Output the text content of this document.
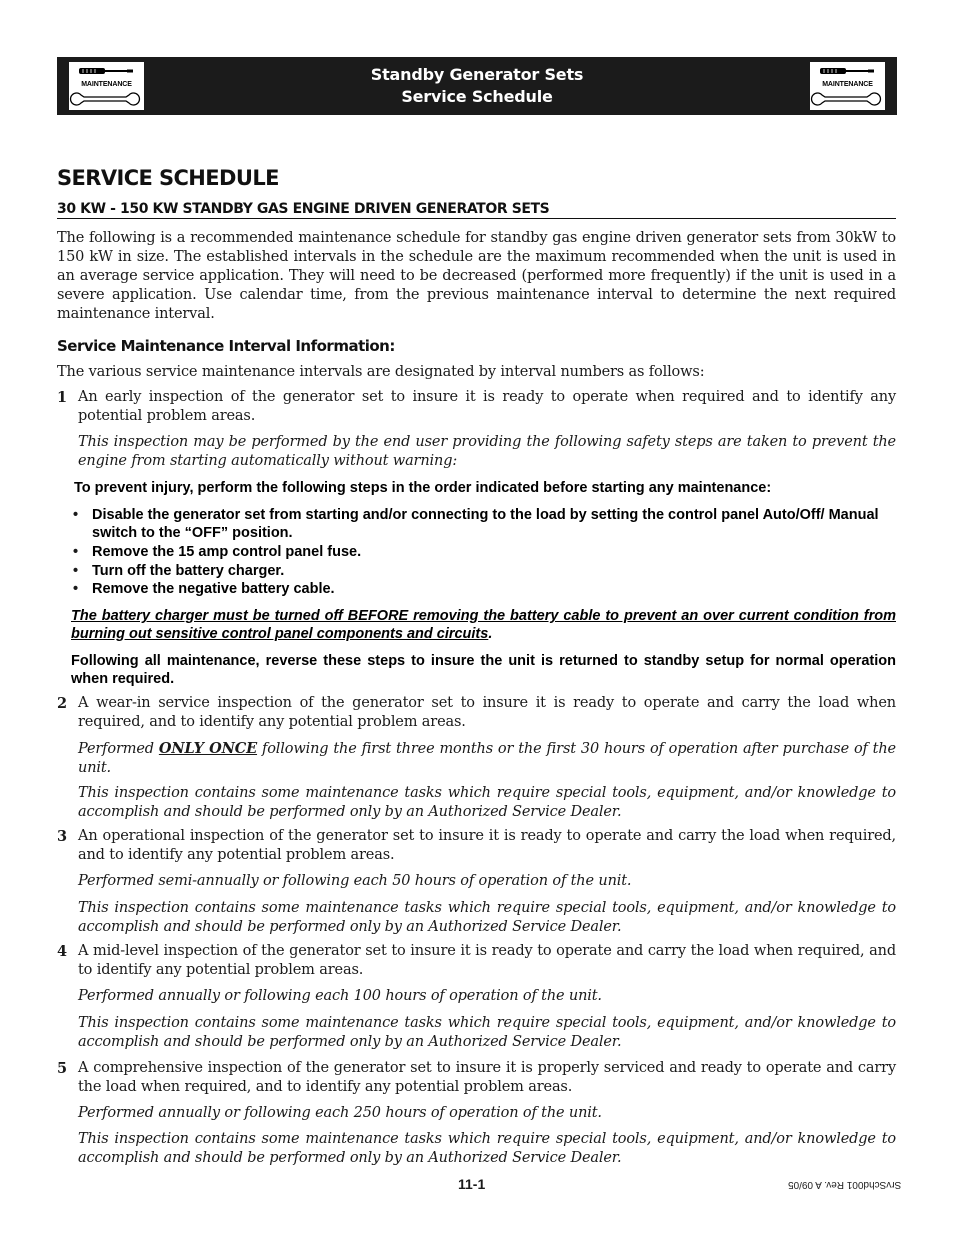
MAINTENANCE
Standby Generator Sets
Service Schedule
MAINTENANCE
SERVICE SCHEDULE
30 KW - 150 KW STANDBY GAS ENGINE DRIVEN GENERATOR SETS
The following is a recommended maintenance schedule for standby gas engine driven generator sets from 30kW to 150 kW in size. The established intervals in the schedule are the maximum recommended when the unit is used in an average service application. They will need to be decreased (performed more frequently) if the unit is used in a severe application. Use calendar time, from the previous maintenance interval to determine the next required maintenance interval.
Service Maintenance Interval Information:
The various service maintenance intervals are designated by interval numbers as follows:
1 An early inspection of the generator set to insure it is ready to operate when required and to identify any potential problem areas.
This inspection may be performed by the end user providing the following safety steps are taken to prevent the engine from starting automatically without warning:
To prevent injury, perform the following steps in the order indicated before starting any maintenance:
• Disable the generator set from starting and/or connecting to the load by setting the control panel Auto/Off/ Manual switch to the “OFF” position.
• Remove the 15 amp control panel fuse.
• Turn off the battery charger.
• Remove the negative battery cable.
The battery charger must be turned off BEFORE removing the battery cable to prevent an over current condition from burning out sensitive control panel components and circuits.
Following all maintenance, reverse these steps to insure the unit is returned to standby setup for normal operation when required.
2 A wear-in service inspection of the generator set to insure it is ready to operate and carry the load when required, and to identify any potential problem areas.
Performed ONLY ONCE following the first three months or the first 30 hours of operation after purchase of the unit.
This inspection contains some maintenance tasks which require special tools, equipment, and/or knowledge to accomplish and should be performed only by an Authorized Service Dealer.
3 An operational inspection of the generator set to insure it is ready to operate and carry the load when required, and to identify any potential problem areas.
Performed semi-annually or following each 50 hours of operation of the unit.
This inspection contains some maintenance tasks which require special tools, equipment, and/or knowledge to accomplish and should be performed only by an Authorized Service Dealer.
4 A mid-level inspection of the generator set to insure it is ready to operate and carry the load when required, and to identify any potential problem areas.
Performed annually or following each 100 hours of operation of the unit.
This inspection contains some maintenance tasks which require special tools, equipment, and/or knowledge to accomplish and should be performed only by an Authorized Service Dealer.
5 A comprehensive inspection of the generator set to insure it is properly serviced and ready to operate and carry the load when required, and to identify any potential problem areas.
Performed annually or following each 250 hours of operation of the unit.
This inspection contains some maintenance tasks which require special tools, equipment, and/or knowledge to accomplish and should be performed only by an Authorized Service Dealer.
11-1	SrvSchd001 Rev. A 09/05
